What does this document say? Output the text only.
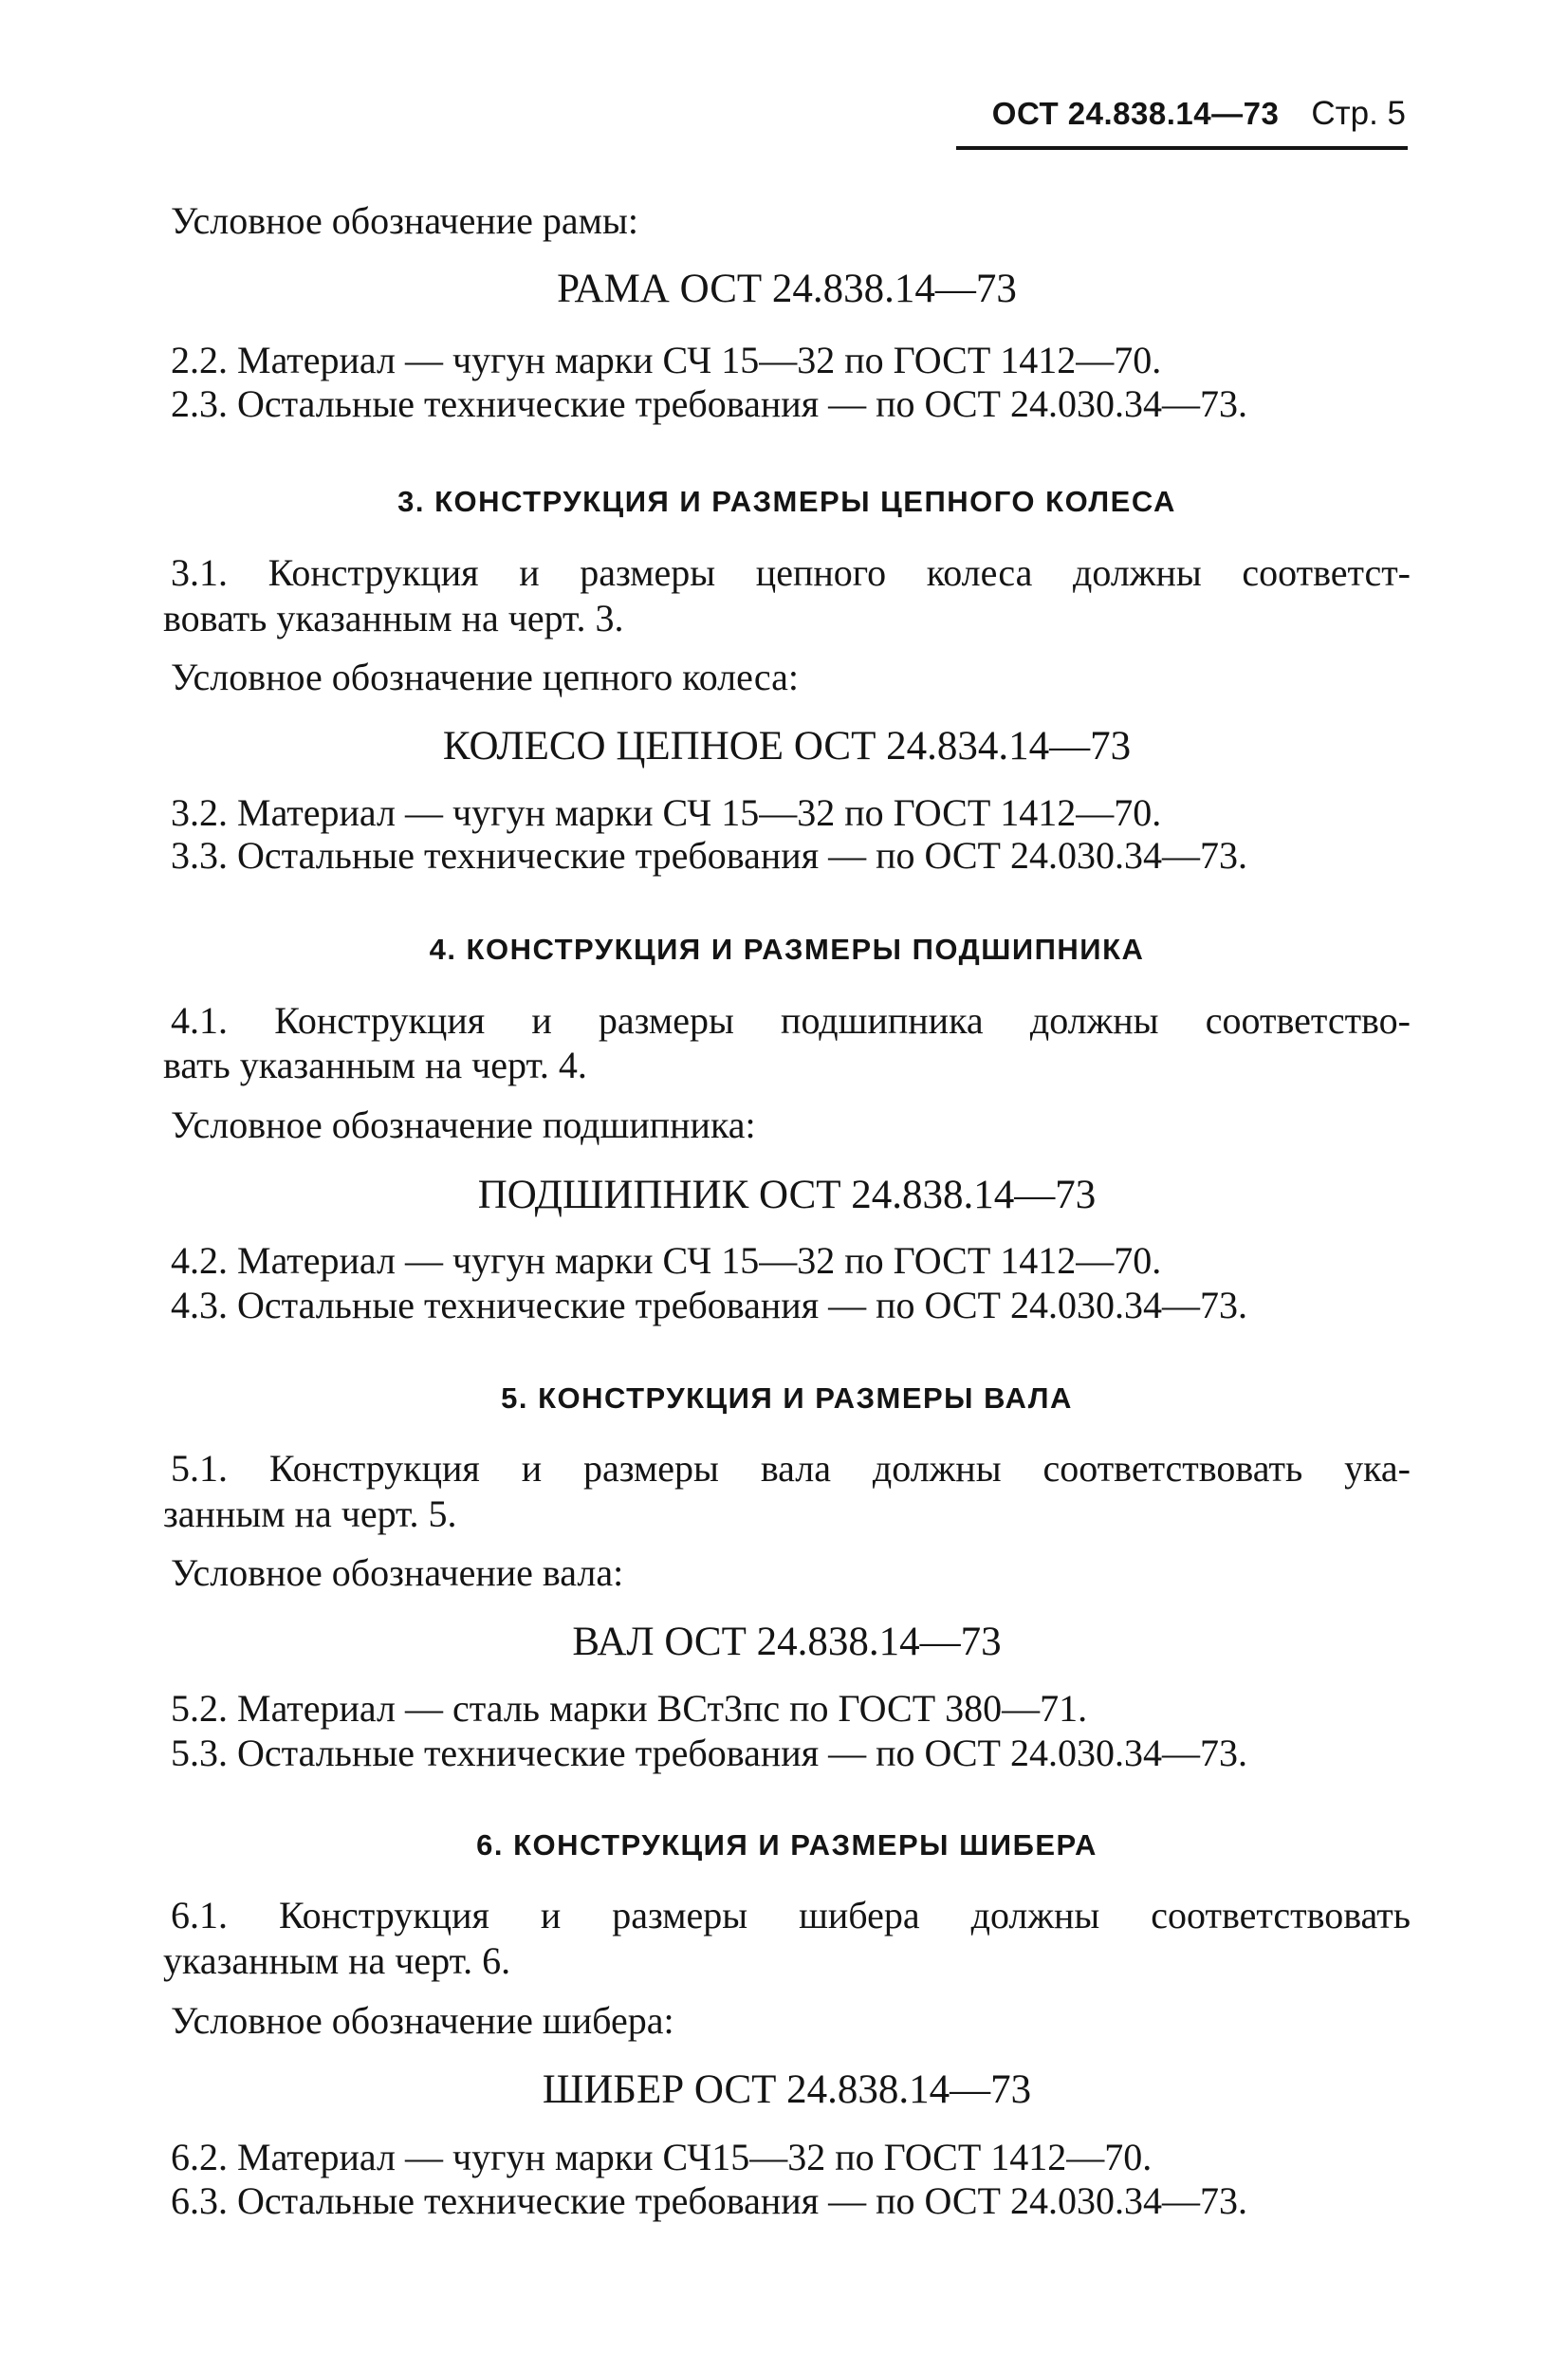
ОСТ 24.838.14—73 Стр. 5
Условное обозначение рамы:
РАМА ОСТ 24.838.14—73
2.2. Материал — чугун марки СЧ 15—32 по ГОСТ 1412—70.
2.3. Остальные технические требования — по ОСТ 24.030.34—73.
3. КОНСТРУКЦИЯ И РАЗМЕРЫ ЦЕПНОГО КОЛЕСА
3.1. Конструкция и размеры цепного колеса должны соответст-
вовать указанным на черт. 3.
Условное обозначение цепного колеса:
КОЛЕСО ЦЕПНОЕ ОСТ 24.834.14—73
3.2. Материал — чугун марки СЧ 15—32 по ГОСТ 1412—70.
3.3. Остальные технические требования — по ОСТ 24.030.34—73.
4. КОНСТРУКЦИЯ И РАЗМЕРЫ ПОДШИПНИКА
4.1. Конструкция и размеры подшипника должны соответство-
вать указанным на черт. 4.
Условное обозначение подшипника:
ПОДШИПНИК ОСТ 24.838.14—73
4.2. Материал — чугун марки СЧ 15—32 по ГОСТ 1412—70.
4.3. Остальные технические требования — по ОСТ 24.030.34—73.
5. КОНСТРУКЦИЯ И РАЗМЕРЫ ВАЛА
5.1. Конструкция и размеры вала должны соответствовать ука-
занным на черт. 5.
Условное обозначение вала:
ВАЛ ОСТ 24.838.14—73
5.2. Материал — сталь марки ВСт3пс по ГОСТ 380—71.
5.3. Остальные технические требования — по ОСТ 24.030.34—73.
6. КОНСТРУКЦИЯ И РАЗМЕРЫ ШИБЕРА
6.1. Конструкция и размеры шибера должны соответствовать
указанным на черт. 6.
Условное обозначение шибера:
ШИБЕР ОСТ 24.838.14—73
6.2. Материал — чугун марки СЧ15—32 по ГОСТ 1412—70.
6.3. Остальные технические требования — по ОСТ 24.030.34—73.
